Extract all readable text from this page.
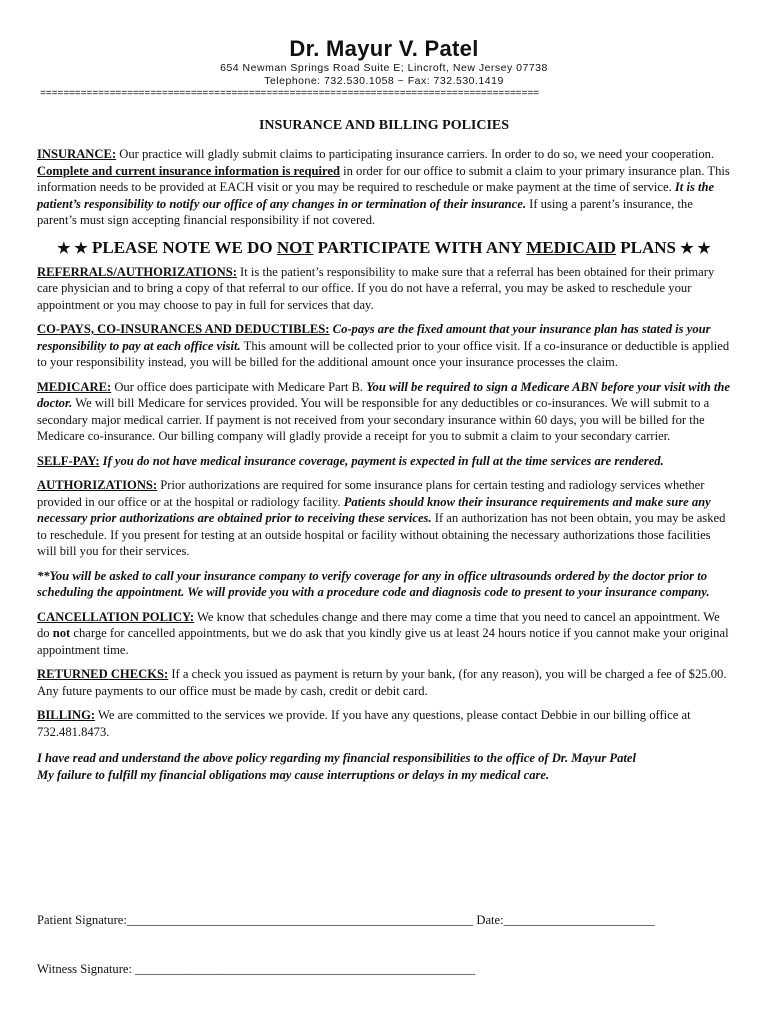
Dr. Mayur V. Patel

654 Newman Springs Road Suite E; Lincroft, New Jersey 07738

Telephone: 732.530.1058 ~ Fax: 732.530.1419

======================================================================================

INSURANCE AND BILLING POLICIES

INSURANCE: Our practice will gladly submit claims to participating insurance carriers. In order to do so, we need your cooperation. Complete and current insurance information is required in order for our office to submit a claim to your primary insurance plan. This information needs to be provided at EACH visit or you may be required to reschedule or make payment at the time of service. It is the patient’s responsibility to notify our office of any changes in or termination of their insurance. If using a parent’s insurance, the parent’s must sign accepting financial responsibility if not covered.

★ ★ PLEASE NOTE WE DO NOT PARTICIPATE WITH ANY MEDICAID PLANS ★ ★

REFERRALS/AUTHORIZATIONS: It is the patient’s responsibility to make sure that a referral has been obtained for their primary care physician and to bring a copy of that referral to our office. If you do not have a referral, you may be asked to reschedule your appointment or you may choose to pay in full for services that day.

CO-PAYS, CO-INSURANCES AND DEDUCTIBLES: Co-pays are the fixed amount that your insurance plan has stated is your responsibility to pay at each office visit. This amount will be collected prior to your office visit. If a co-insurance or deductible is applied to your responsibility instead, you will be billed for the additional amount once your insurance processes the claim.

MEDICARE: Our office does participate with Medicare Part B. You will be required to sign a Medicare ABN before your visit with the doctor. We will bill Medicare for services provided. You will be responsible for any deductibles or co-insurances. We will submit to a secondary major medical carrier. If payment is not received from your secondary insurance within 60 days, you will be billed for the Medicare co-insurance. Our billing company will gladly provide a receipt for you to submit a claim to your secondary carrier.

SELF-PAY: If you do not have medical insurance coverage, payment is expected in full at the time services are rendered.

AUTHORIZATIONS: Prior authorizations are required for some insurance plans for certain testing and radiology services whether provided in our office or at the hospital or radiology facility. Patients should know their insurance requirements and make sure any necessary prior authorizations are obtained prior to receiving these services. If an authorization has not been obtain, you may be asked to reschedule. If you present for testing at an outside hospital or facility without obtaining the necessary authorizations those facilities will bill you for their services.

**You will be asked to call your insurance company to verify coverage for any in office ultrasounds ordered by the doctor prior to scheduling the appointment. We will provide you with a procedure code and diagnosis code to present to your insurance company.

CANCELLATION POLICY: We know that schedules change and there may come a time that you need to cancel an appointment. We do not charge for cancelled appointments, but we do ask that you kindly give us at least 24 hours notice if you cannot make your original appointment time.

RETURNED CHECKS: If a check you issued as payment is return by your bank, (for any reason), you will be charged a fee of $25.00. Any future payments to our office must be made by cash, credit or debit card.

BILLING: We are committed to the services we provide. If you have any questions, please contact Debbie in our billing office at 732.481.8473.

I have read and understand the above policy regarding my financial responsibilities to the office of Dr. Mayur Patel
My failure to fulfill my financial obligations may cause interruptions or delays in my medical care.
Patient Signature:_______________________________________________________ Date:________________________
Witness Signature: ______________________________________________________
